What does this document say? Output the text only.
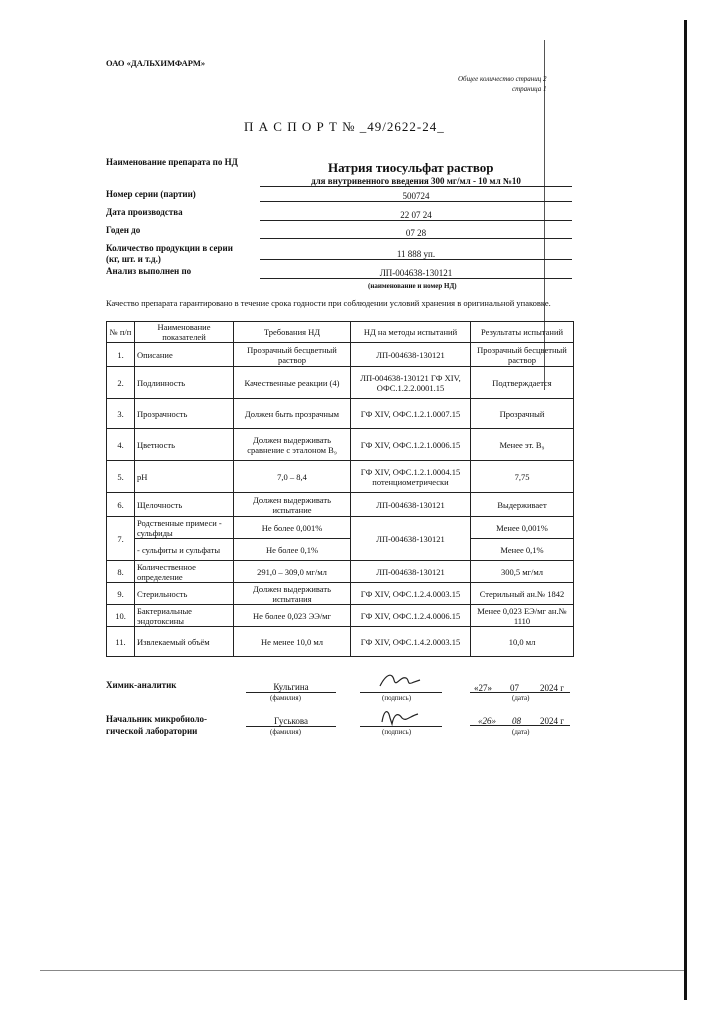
ОАО «ДАЛЬХИМФАРМ»
Общее количество страниц 2
страница 1
П А С П О Р Т № _49/2622-24_
Наименование препарата по НД	Натрия тиосульфат раствор
для внутривенного введения 300 мг/мл - 10 мл №10
Номер серии (партии)	500724
Дата производства	22 07 24
Годен до	07 28
Количество продукции в серии
(кг, шт. и т.д.)	11 888 уп.
Анализ выполнен по	ЛП-004638-130121
(наименование и номер НД)
Качество препарата гарантировано в течение срока годности при соблюдении условий хранения в оригинальной упаковке.
№ п/п	Наименование показателей	Требования НД	НД на методы испытаний	Результаты испытаний
1.	Описание	Прозрачный бесцветный раствор	ЛП-004638-130121	Прозрачный бесцветный раствор
2.	Подлинность	Качественные реакции (4)	ЛП-004638-130121 ГФ XIV, ОФС.1.2.2.0001.15	Подтверждается
3.	Прозрачность	Должен быть прозрачным	ГФ XIV, ОФС.1.2.1.0007.15	Прозрачный
4.	Цветность	Должен выдерживать сравнение с эталоном B₉	ГФ XIV, ОФС.1.2.1.0006.15	Менее эт. B₉
5.	pH	7,0 – 8,4	ГФ XIV, ОФС.1.2.1.0004.15 потенциометрически	7,75
6.	Щелочность	Должен выдерживать испытание	ЛП-004638-130121	Выдерживает
7.	Родственные примеси - сульфиды	Не более 0,001%	ЛП-004638-130121	Менее 0,001%
	- сульфиты и сульфаты	Не более 0,1%		Менее 0,1%
8.	Количественное определение	291,0 – 309,0 мг/мл	ЛП-004638-130121	300,5 мг/мл
9.	Стерильность	Должен выдерживать испытания	ГФ XIV, ОФС.1.2.4.0003.15	Стерильный ан.№ 1842
10.	Бактериальные эндотоксины	Не более 0,023 ЭЭ/мг	ГФ XIV, ОФС.1.2.4.0006.15	Менее 0,023 ЕЭ/мг ан.№ 1110
11.	Извлекаемый объём	Не менее 10,0 мл	ГФ XIV, ОФС.1.4.2.0003.15	10,0 мл
Химик-аналитик	Кульгина
(фамилия)	(подпись)
«27» 07 2024 г
(дата)
Начальник микробиоло-
гической лаборатории
Гуськова
(фамилия)	(подпись)
«26» 08 2024 г
(дата)
